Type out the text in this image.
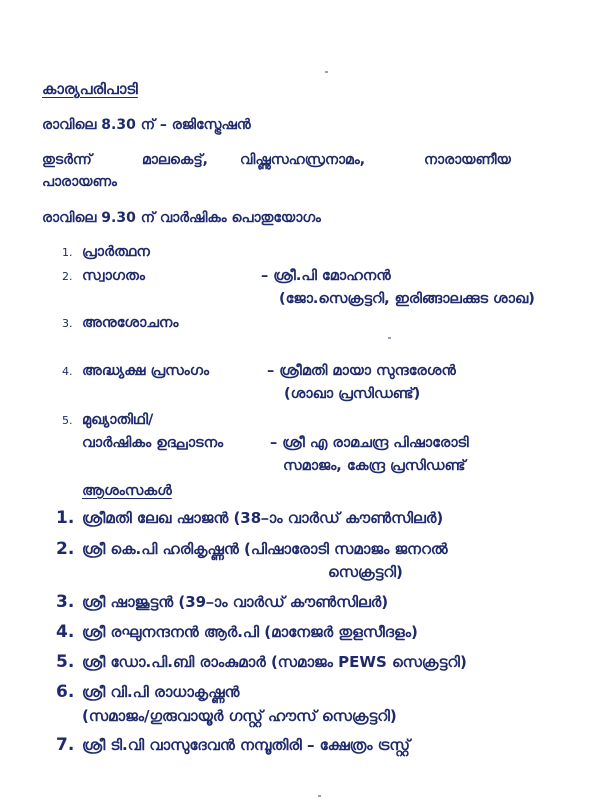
കാര്യപരിപാടി
രാവിലെ 8.30 ന് – രജിസ്ട്രേഷൻ
തുടർന്ന്	മാലകെട്ട്, വിഷ്ണുസഹസ്രനാമം,	നാരായണീയ
പാരായണം
രാവിലെ 9.30 ന് വാർഷികം പൊതുയോഗം
1. പ്രാർത്ഥന
2. സ്വാഗതം	– ശ്രീ.പി മോഹനൻ
(ജോ.സെക്രട്ടറി, ഇരിങ്ങാലക്കുട ശാഖ)
3. അനുശോചനം
4. അദ്ധ്യക്ഷ പ്രസംഗം	– ശ്രീമതി മായാ സുന്ദരേശൻ
(ശാഖാ പ്രസിഡണ്ട്)
5. മുഖ്യാതിഥി/
വാർഷികം ഉദ്ഘാടനം	– ശ്രീ എ രാമചന്ദ്ര പിഷാരോടി
സമാജം, കേന്ദ്ര പ്രസിഡണ്ട്
ആശംസകൾ
1. ശ്രീമതി ലേഖ ഷാജൻ (38–ാം വാർഡ് കൗൺസിലർ)
2. ശ്രീ കെ.പി ഹരികൃഷ്ണൻ (പിഷാരോടി സമാജം ജനറൽ
സെക്രട്ടറി)
3. ശ്രീ ഷാജൂട്ടൻ (39–ാം വാർഡ് കൗൺസിലർ)
4. ശ്രീ രഘുനന്ദനൻ ആർ.പി (മാനേജർ തുളസീദളം)
5. ശ്രീ ഡോ.പി.ബി രാംകുമാർ (സമാജം PEWS സെക്രട്ടറി)
6. ശ്രീ വി.പി രാധാകൃഷ്ണൻ
(സമാജം/ഗുരുവായൂർ ഗസ്റ്റ് ഹൗസ് സെക്രട്ടറി)
7. ശ്രീ ടി.വി വാസുദേവൻ നമ്പൂതിരി – ക്ഷേത്രം ട്രസ്റ്റ്
